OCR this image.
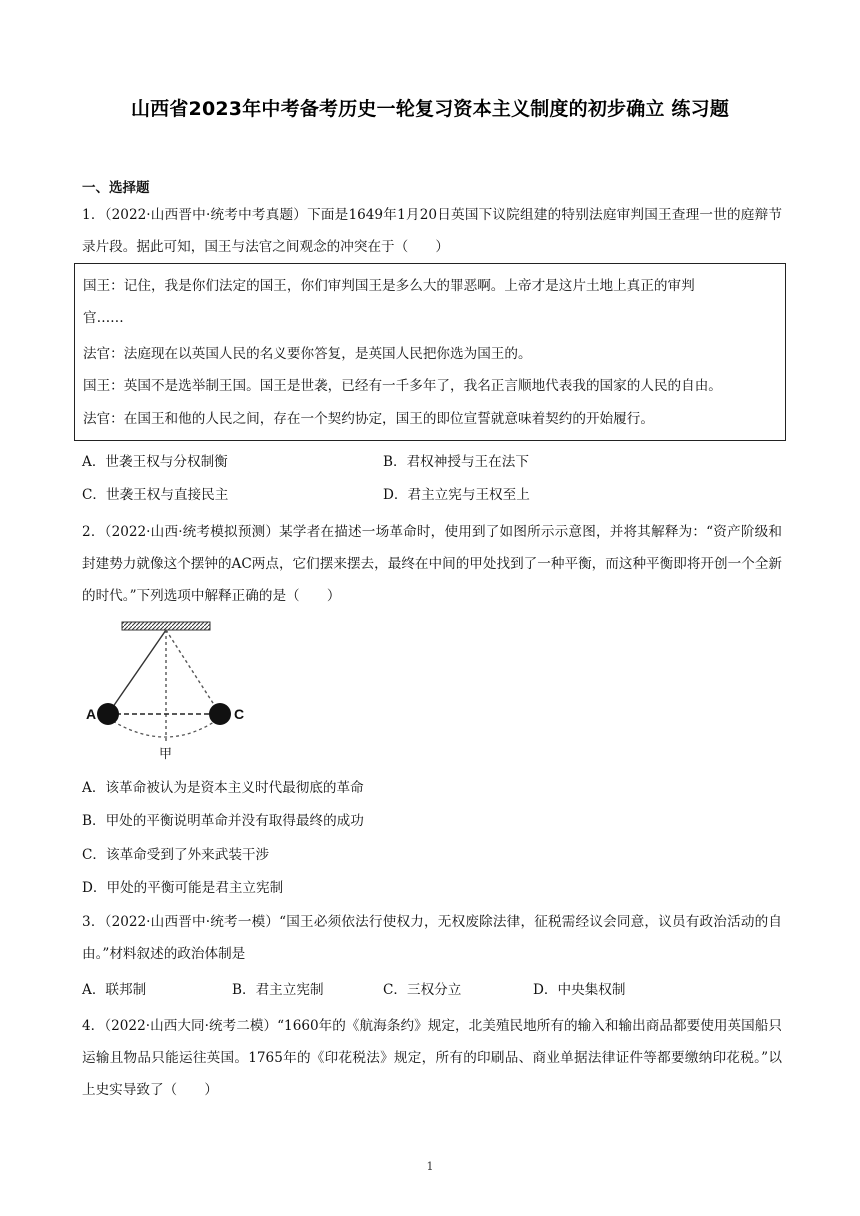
山西省2023年中考备考历史一轮复习资本主义制度的初步确立 练习题
一、选择题
1．（2022·山西晋中·统考中考真题）下面是1649年1月20日英国下议院组建的特别法庭审判国王查理一世的庭辩节录片段。据此可知，国王与法官之间观念的冲突在于（　　）
国王：记住，我是你们法定的国王，你们审判国王是多么大的罪恶啊。上帝才是这片土地上真正的审判
官……
法官：法庭现在以英国人民的名义要你答复，是英国人民把你选为国王的。
国王：英国不是选举制王国。国王是世袭，已经有一千多年了，我名正言顺地代表我的国家的人民的自由。
法官：在国王和他的人民之间，存在一个契约协定，国王的即位宣誓就意味着契约的开始履行。
A．世袭王权与分权制衡	B．君权神授与王在法下
C．世袭王权与直接民主	D．君主立宪与王权至上
2．（2022·山西·统考模拟预测）某学者在描述一场革命时，使用到了如图所示示意图，并将其解释为：“资产阶级和封建势力就像这个摆钟的AC两点，它们摆来摆去，最终在中间的甲处找到了一种平衡，而这种平衡即将开创一个全新的时代。”下列选项中解释正确的是（　　）
A	C
甲
A．该革命被认为是资本主义时代最彻底的革命
B．甲处的平衡说明革命并没有取得最终的成功
C．该革命受到了外来武装干涉
D．甲处的平衡可能是君主立宪制
3．（2022·山西晋中·统考一模）“国王必须依法行使权力，无权废除法律，征税需经议会同意，议员有政治活动的自由。”材料叙述的政治体制是
A．联邦制	B．君主立宪制	C．三权分立	D．中央集权制
4．（2022·山西大同·统考二模）“1660年的《航海条约》规定，北美殖民地所有的输入和输出商品都要使用英国船只运输且物品只能运往英国。1765年的《印花税法》规定，所有的印刷品、商业单据法律证件等都要缴纳印花税。”以上史实导致了（　　）
1
